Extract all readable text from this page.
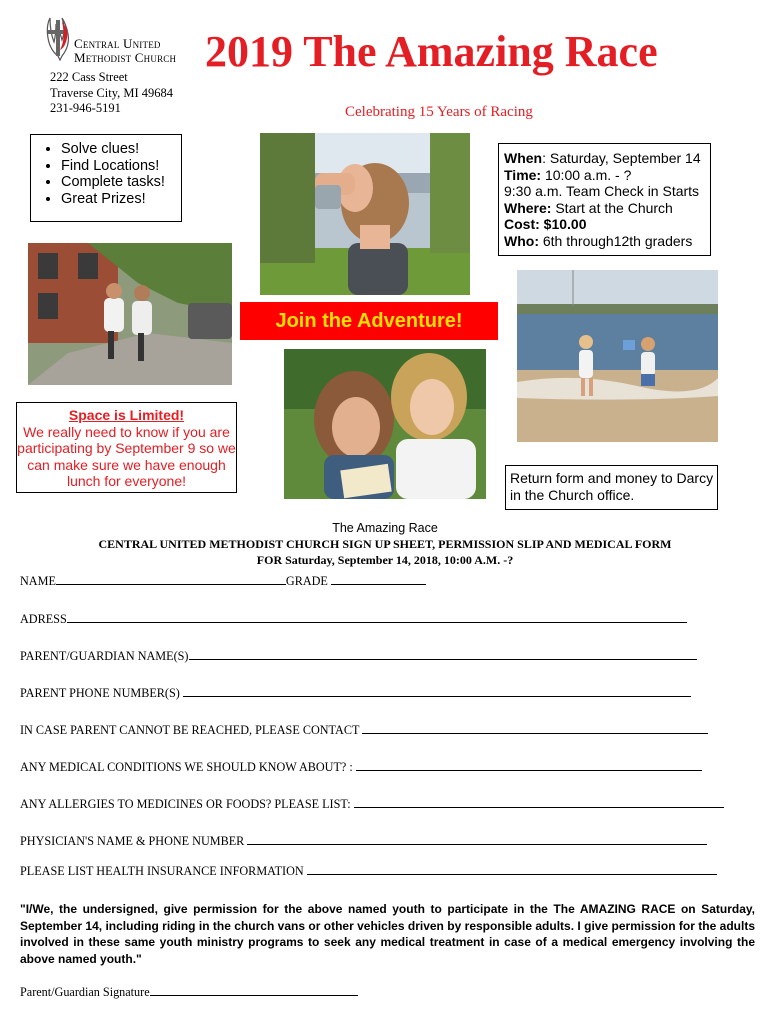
Central United
Methodist Church
222 Cass Street
Traverse City, MI 49684
231-946-5191
2019 The Amazing Race
Celebrating 15 Years of Racing
• Solve clues!
• Find Locations!
• Complete tasks!
• Great Prizes!
When: Saturday, September 14
Time: 10:00 a.m. - ?
9:30 a.m. Team Check in Starts
Where: Start at the Church
Cost: $10.00
Who: 6th through12th graders
Join the Adventure!
Space is Limited!
We really need to know if you are
participating by September 9 so we
can make sure we have enough
lunch for everyone!	Return form and money to Darcy
in the Church office.
The Amazing Race
CENTRAL UNITED METHODIST CHURCH SIGN UP SHEET, PERMISSION SLIP AND MEDICAL FORM
FOR Saturday, September 14, 2018, 10:00 A.M. -?
NAME	GRADE
ADRESS
PARENT/GUARDIAN NAME(S)
PARENT PHONE NUMBER(S)
IN CASE PARENT CANNOT BE REACHED, PLEASE CONTACT
ANY MEDICAL CONDITIONS WE SHOULD KNOW ABOUT? :
ANY ALLERGIES TO MEDICINES OR FOODS? PLEASE LIST:
PHYSICIAN'S NAME & PHONE NUMBER
PLEASE LIST HEALTH INSURANCE INFORMATION
"I/We, the undersigned, give permission for the above named youth to participate in the The AMAZING RACE on Saturday, September 14, including riding in the church vans or other vehicles driven by responsible adults. I give permission for the adults involved in these same youth ministry programs to seek any medical treatment in case of a medical emergency involving the above named youth."
Parent/Guardian Signature
